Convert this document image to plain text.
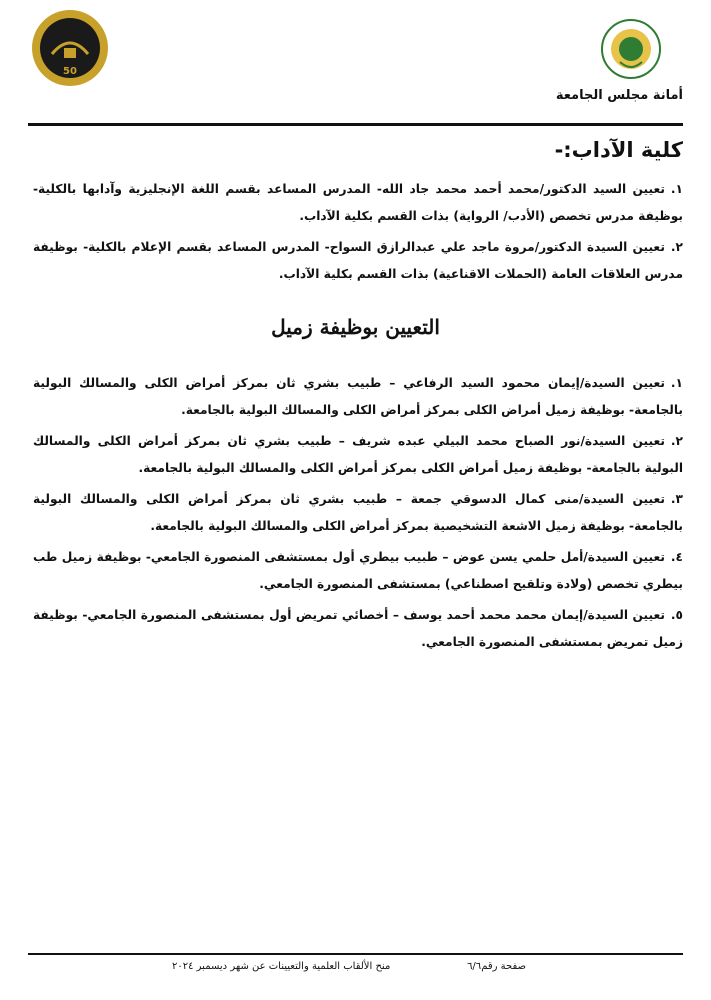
50
أمانة مجلس الجامعة
كلية الآداب:-
١.تعيين السيد الدكتور/محمد أحمد محمد جاد الله- المدرس المساعد بقسم اللغة الإنجليزية وآدابها بالكلية- بوظيفة مدرس تخصص (الأدب/ الرواية) بذات القسم بكلية الآداب.
٢.تعيين السيدة الدكتور/مروة ماجد علي عبدالرازق السواح- المدرس المساعد بقسم الإعلام بالكلية- بوظيفة مدرس العلاقات العامة (الحملات الاقناعية) بذات القسم بكلية الآداب.
التعيين بوظيفة زميل
١.تعيين السيدة/إيمان محمود السيد الرفاعي – طبيب بشري ثان بمركز أمراض الكلى والمسالك البولية بالجامعة- بوظيفة زميل أمراض الكلى بمركز أمراض الكلى والمسالك البولية بالجامعة.
٢.تعيين السيدة/نور الصباح محمد البيلي عبده شريف – طبيب بشري ثان بمركز أمراض الكلى والمسالك البولية بالجامعة- بوظيفة زميل أمراض الكلى بمركز أمراض الكلى والمسالك البولية بالجامعة.
٣.تعيين السيدة/منى كمال الدسوقي جمعة – طبيب بشري ثان بمركز أمراض الكلى والمسالك البولية بالجامعة- بوظيفة زميل الاشعة التشخيصية بمركز أمراض الكلى والمسالك البولية بالجامعة.
٤.تعيين السيدة/أمل حلمي يسن عوض – طبيب بيطري أول بمستشفى المنصورة الجامعي- بوظيفة زميل طب بيطري تخصص (ولادة وتلقيح اصطناعي) بمستشفى المنصورة الجامعي.
٥.تعيين السيدة/إيمان محمد محمد أحمد يوسف – أخصائي تمريض أول بمستشفى المنصورة الجامعي- بوظيفة زميل تمريض بمستشفى المنصورة الجامعي.
منح الألقاب العلمية والتعيينات عن شهر ديسمبر ٢٠٢٤	صفحة رقم٦/٦
